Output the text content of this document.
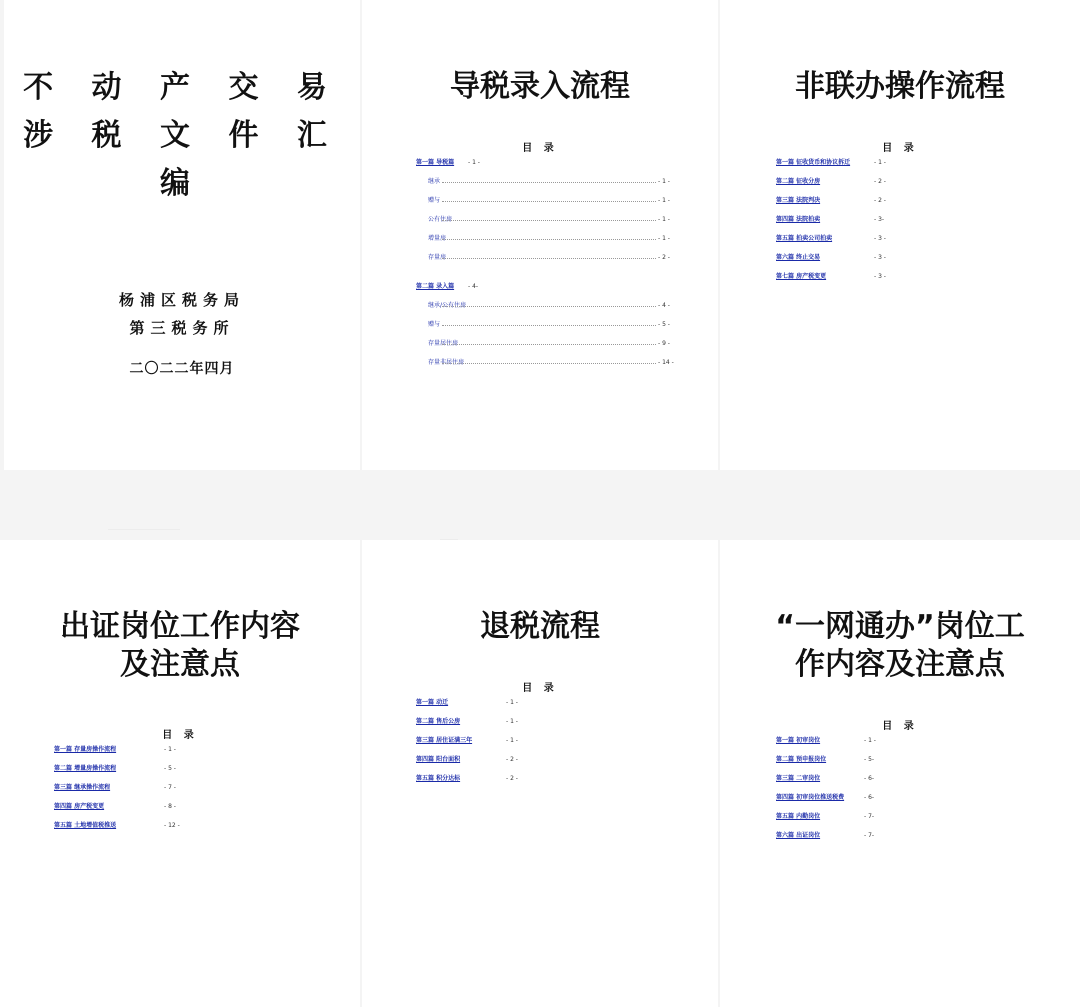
不 动 产 交 易
涉 税 文 件 汇 编
杨浦区税务局
第三税务所
二〇二二年四月
导税录入流程
目 录
第一篇 导税篇 - 1 -
继承	- 1 -
赠与	- 1 -
公有住房	- 1 -
增量房	- 1 -
存量房	- 2 -
第二篇 录入篇 - 4-
继承/公有住房	- 4 -
赠与	- 5 -
存量居住房	- 9 -
存量非居住房	- 14 -
非联办操作流程
目 录
第一篇 征收货币和协议拆迁	- 1 -
第二篇 征收分房	- 2 -
第三篇 法院判决	- 2 -
第四篇 法院拍卖	- 3-
第五篇 拍卖公司拍卖	- 3 -
第六篇 终止交易	- 3 -
第七篇 房产税变更	- 3 -
出证岗位工作内容
及注意点
目 录
第一篇 存量房操作流程	- 1 -
第二篇 增量房操作流程	- 5 -
第三篇 继承操作流程	- 7 -
第四篇 房产税变更	- 8 -
第五篇 土地增值税推送	- 12 -
退税流程
目 录
第一篇 动迁	- 1 -
第二篇 售后公房	- 1 -
第三篇 居住证满三年	- 1 -
第四篇 阳台面积	- 2 -
第五篇 积分达标	- 2 -
“一网通办”岗位工
作内容及注意点
目 录
第一篇 初审岗位	- 1 -
第二篇 预申报岗位	- 5-
第三篇 二审岗位	- 6-
第四篇 初审岗位推送税费	- 6-
第五篇 内勤岗位	- 7-
第六篇 出证岗位	- 7-
